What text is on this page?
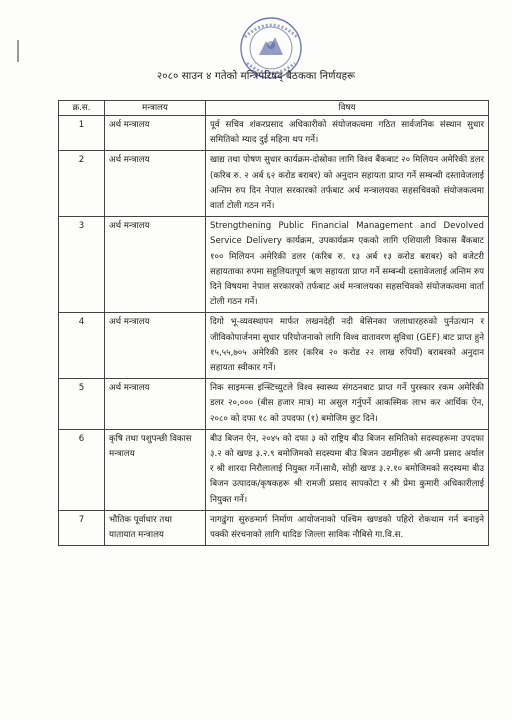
२०८० साउन ४ गतेको मन्त्रिपरिषद् बैठकका निर्णयहरू
क्र.स.	मन्त्रालय	विषय
1	अर्थ मन्त्रालय	पूर्व सचिव शंकरप्रसाद अधिकारीको संयोजकत्वमा गठित सार्वजनिक संस्थान सुधार समितिको म्याद दुई महिना थप गर्ने।
2	अर्थ मन्त्रालय	खाद्य तथा पोषण सुधार कार्यक्रम-दोस्रोका लागि विश्व बैंकबाट २० मिलियन अमेरिकी डलर (करिब रु. २ अर्ब ६२ करोड बराबर) को अनुदान सहायता प्राप्त गर्ने सम्बन्धी दस्तावेजलाई अन्तिम रुप दिन नेपाल सरकारको तर्फबाट अर्थ मन्त्रालयका सहसचिवको संयोजकत्वमा वार्ता टोली गठन गर्ने।
3	अर्थ मन्त्रालय	Strengthening Public Financial Management and Devolved Service Delivery कार्यक्रम, उपकार्यक्रम एकको लागि एशियाली विकास बैंकबाट १०० मिलियन अमेरिकी डलर (करिब रु. १३ अर्ब १३ करोड बराबर) को बजेटरी सहायताका रुपमा सहुलियतपूर्ण ऋण सहायता प्राप्त गर्ने सम्बन्धी दस्तावेजलाई अन्तिम रुप दिने विषयमा नेपाल सरकारको तर्फबाट अर्थ मन्त्रालयका सहसचिवको संयोजकत्वमा वार्ता टोली गठन गर्ने।
4	अर्थ मन्त्रालय	दिगो भू-व्यवस्थापन मार्फत लखनदेही नदी बेसिनका जलाधारहरुको पुर्नउत्थान र जीविकोपार्जनमा सुधार परियोजनाको लागि विश्व वातावरण सुविधा (GEF) बाट प्राप्त हुने १५,५५,७०५ अमेरिकी डलर (करिब २० करोड २२ लाख रुपियाँ) बराबरको अनुदान सहायता स्वीकार गर्ने।
5	अर्थ मन्त्रालय	निक साइमन्स इन्स्टिच्युटले विश्व स्वास्थ्य संगठनबाट प्राप्त गर्ने पुरस्कार रकम अमेरिकी डलर २०,००० (बीस हजार मात्र) मा असुल गर्नुपर्ने आकस्मिक लाभ कर आर्थिक ऐन, २०८० को दफा १८ को उपदफा (१) बमोजिम छुट दिने।
6	कृषि तथा पशुपन्छी विकास मन्त्रालय	बीउ बिजन ऐन, २०४५ को दफा ३ को राष्ट्रिय बीउ बिजन समितिको सदस्यहरूमा उपदफा ३.२ को खण्ड ३.२.९ बमोजिमको सदस्यमा बीउ बिजन उद्यमीहरू श्री अग्नी प्रसाद अर्याल र श्री शारदा निरौलालाई नियुक्त गर्ने।साथै, सोही खण्ड ३.२.१० बमोजिमको सदस्यमा बीउ बिजन उत्पादक/कृषकहरू श्री रामजी प्रसाद सापकोटा र श्री प्रेमा कुमारी अधिकारीलाई नियुक्त गर्ने।
7	भौतिक पूर्वाधार तथा यातायात मन्त्रालय	नागढुंगा सुरुङमार्ग निर्माण आयोजनाको पश्चिम खण्डको पहिरो रोकथाम गर्न बनाइने पक्की संरचनाको लागि धादिङ जिल्ला साविक नौबिसे गा.वि.स.
